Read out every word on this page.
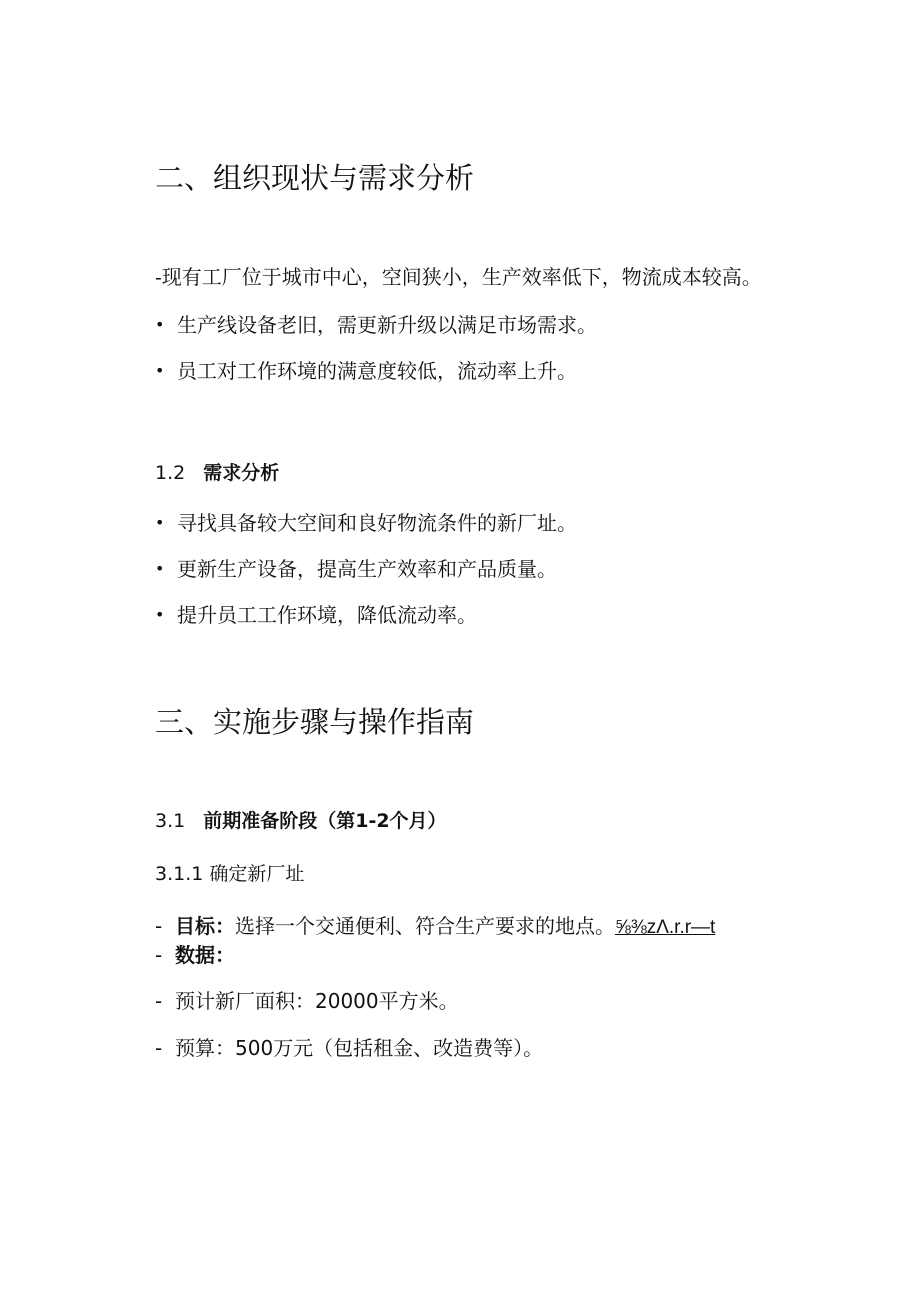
二、组织现状与需求分析
-现有工厂位于城市中心，空间狭小，生产效率低下，物流成本较高。
• 生产线设备老旧，需更新升级以满足市场需求。
• 员工对工作环境的满意度较低，流动率上升。
1.2 需求分析
• 寻找具备较大空间和良好物流条件的新厂址。
• 更新生产设备，提高生产效率和产品质量。
• 提升员工工作环境，降低流动率。
三、实施步骤与操作指南
3.1 前期准备阶段（第1-2个月）
3.1.1 确定新厂址
- 目标：选择一个交通便利、符合生产要求的地点。⅝⅜zΛ.r.r—t
- 数据：
- 预计新厂面积：20000平方米。
- 预算：500万元（包括租金、改造费等）。
